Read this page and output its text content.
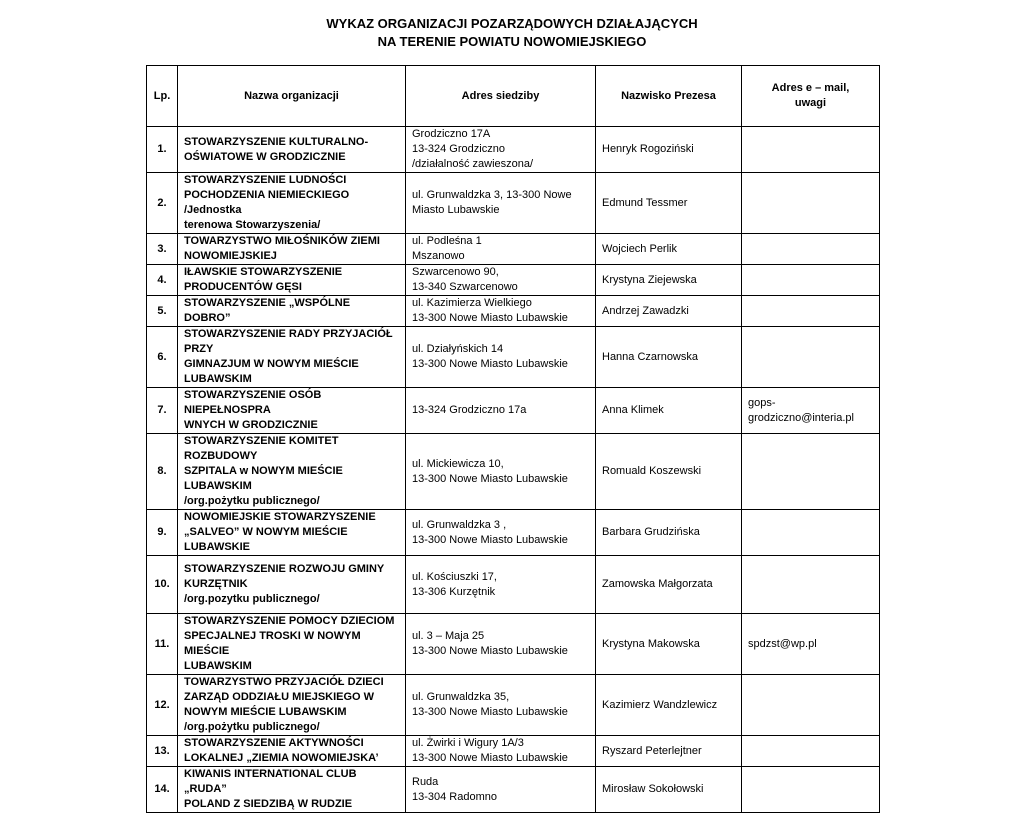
WYKAZ ORGANIZACJI POZARZĄDOWYCH DZIAŁAJĄCYCH
NA TERENIE POWIATU NOWOMIEJSKIEGO
Lp.	Nazwa organizacji	Adres siedziby	Nazwisko Prezesa	Adres e – mail,
uwagi
1.	STOWARZYSZENIE KULTURALNO-
OŚWIATOWE W GRODZICZNIE	Grodziczno 17A
13-324 Grodziczno
/działalność zawieszona/	Henryk Rogoziński	
2.	STOWARZYSZENIE LUDNOŚCI
POCHODZENIA NIEMIECKIEGO /Jednostka
terenowa Stowarzyszenia/	ul. Grunwaldzka 3, 13-300 Nowe
Miasto Lubawskie	Edmund Tessmer	
3.	TOWARZYSTWO MIŁOŚNIKÓW ZIEMI
NOWOMIEJSKIEJ	ul. Podleśna 1
Mszanowo	Wojciech Perlik	
4.	IŁAWSKIE STOWARZYSZENIE
PRODUCENTÓW GĘSI	Szwarcenowo 90,
13-340 Szwarcenowo	Krystyna Ziejewska	
5.	STOWARZYSZENIE „WSPÓLNE DOBRO”	ul. Kazimierza Wielkiego
13-300 Nowe Miasto Lubawskie	Andrzej Zawadzki	
6.	STOWARZYSZENIE RADY PRZYJACIÓŁ PRZY
GIMNAZJUM W NOWYM MIEŚCIE
LUBAWSKIM	ul. Działyńskich 14
13-300 Nowe Miasto Lubawskie	Hanna Czarnowska	
7.	STOWARZYSZENIE OSÓB NIEPEŁNOSPRA
WNYCH W GRODZICZNIE	13-324 Grodziczno 17a	Anna Klimek	gops-
grodziczno@interia.pl
8.	STOWARZYSZENIE KOMITET ROZBUDOWY
SZPITALA w NOWYM MIEŚCIE
LUBAWSKIM
/org.pożytku publicznego/	ul. Mickiewicza 10,
13-300 Nowe Miasto Lubawskie	Romuald Koszewski	
9.	NOWOMIEJSKIE STOWARZYSZENIE
„SALVEO” W NOWYM MIEŚCIE
LUBAWSKIE	ul. Grunwaldzka 3 ,
13-300 Nowe Miasto Lubawskie	Barbara Grudzińska	
10.	STOWARZYSZENIE ROZWOJU GMINY
KURZĘTNIK
/org.pozytku publicznego/	ul. Kościuszki 17,
13-306 Kurzętnik	Zamowska Małgorzata	
11.	STOWARZYSZENIE POMOCY DZIECIOM
SPECJALNEJ TROSKI W NOWYM MIEŚCIE
LUBAWSKIM	ul. 3 – Maja 25
13-300 Nowe Miasto Lubawskie	Krystyna Makowska	spdzst@wp.pl
12.	TOWARZYSTWO PRZYJACIÓŁ DZIECI
ZARZĄD ODDZIAŁU MIEJSKIEGO W
NOWYM MIEŚCIE LUBAWSKIM
/org.pożytku publicznego/	ul. Grunwaldzka 35,
13-300 Nowe Miasto Lubawskie	Kazimierz Wandzlewicz	
13.	STOWARZYSZENIE AKTYWNOŚCI
LOKALNEJ „ZIEMIA NOWOMIEJSKA’	ul. Żwirki i Wigury 1A/3
13-300 Nowe Miasto Lubawskie	Ryszard Peterlejtner	
14.	KIWANIS INTERNATIONAL CLUB „RUDA”
POLAND Z SIEDZIBĄ W RUDZIE	Ruda
13-304 Radomno	Mirosław Sokołowski	
